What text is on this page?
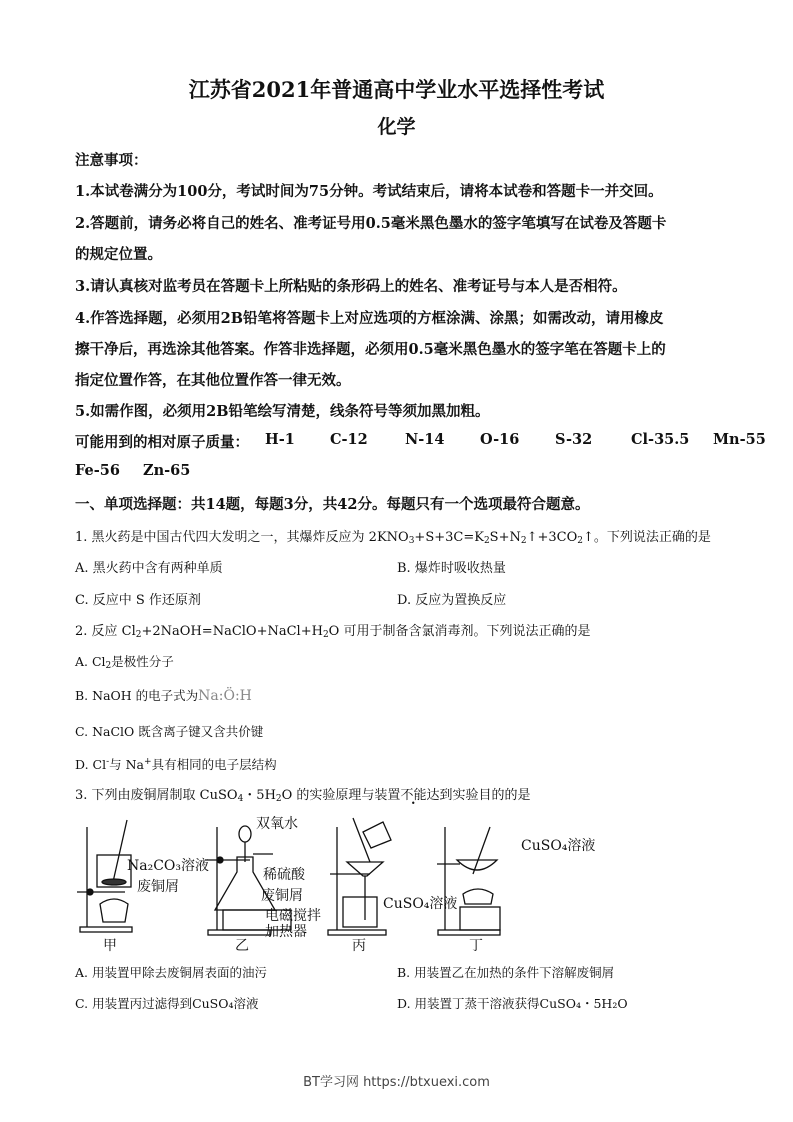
江苏省2021年普通高中学业水平选择性考试
化学
注意事项：
1.本试卷满分为100分，考试时间为75分钟。考试结束后，请将本试卷和答题卡一并交回。
2.答题前，请务必将自己的姓名、准考证号用0.5毫米黑色墨水的签字笔填写在试卷及答题卡
的规定位置。
3.请认真核对监考员在答题卡上所粘贴的条形码上的姓名、准考证号与本人是否相符。
4.作答选择题，必须用2B铅笔将答题卡上对应选项的方框涂满、涂黑；如需改动，请用橡皮
擦干净后，再选涂其他答案。作答非选择题，必须用0.5毫米黑色墨水的签字笔在答题卡上的
指定位置作答，在其他位置作答一律无效。
5.如需作图，必须用2B铅笔绘写清楚，线条符号等须加黑加粗。
可能用到的相对原子质量： H-1 C-12	N-14 O-16 S-32	Cl-35.5 Mn-55
Fe-56 Zn-65
一、单项选择题：共14题，每题3分，共42分。每题只有一个选项最符合题意。
1. 黑火药是中国古代四大发明之一，其爆炸反应为 $2KNO_3+S+3C=K_2S+N_2↑+3CO_2↑$。下列说法正确的是
A. 黑火药中含有两种单质	B. 爆炸时吸收热量
C. 反应中 S 作还原剂	D. 反应为置换反应
2. 反应 $Cl_2+2NaOH=NaClO+NaCl+H_2O$ 可用于制备含氯消毒剂。下列说法正确的是
A. $Cl_2$是极性分子
B. NaOH 的电子式为Na:Ö:H
C. NaClO 既含离子键又含共价键
D. Cl-与 Na+具有相同的电子层结构
3. 下列由废铜屑制取 CuSO$_4$・$5H_2O$ 的实验原理与装置不能达到实验目的的是
Na₂CO₃溶液
废铜屑
甲
双氧水
稀硫酸
废铜屑
电磁搅拌
加热器
乙
CuSO₄溶液
丙
CuSO₄溶液
丁
A. 用装置甲除去废铜屑表面的油污	B. 用装置乙在加热的条件下溶解废铜屑
C. 用装置丙过滤得到CuSO₄溶液	D. 用装置丁蒸干溶液获得CuSO₄・5H₂O
BT学习网 https://btxuexi.com
